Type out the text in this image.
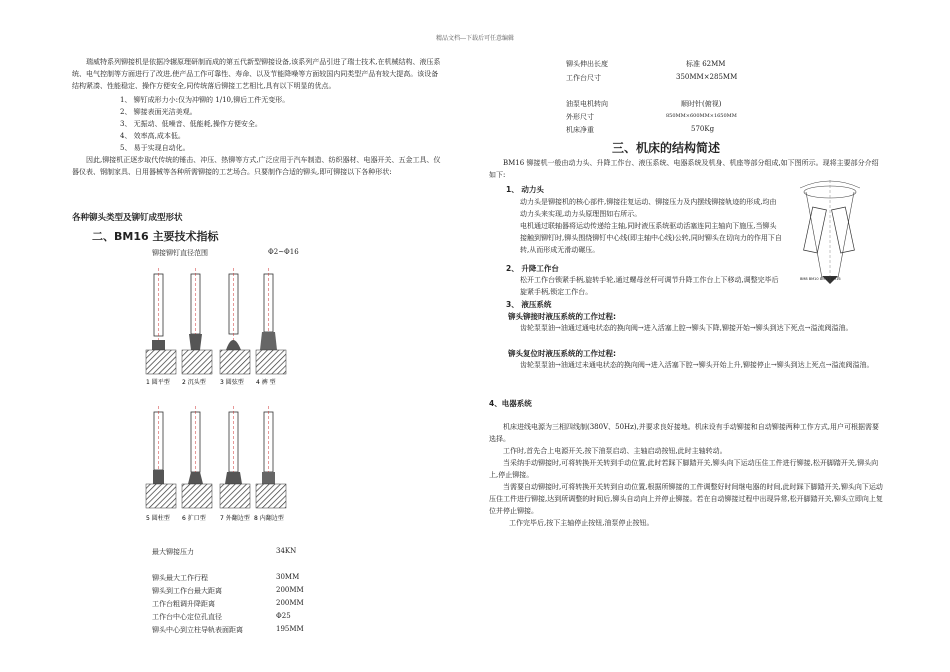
精品文档---下载后可任意编辑

瑞威特系列铆接机是依据冷辗原理研制而成的第五代新型铆接设备,该系列产品引进了瑞士技术,在机械结构、液压系统、电气控制等方面进行了改进,使产品工作可靠性、寿命、以及节能降噪等方面较国内同类型产品有较大提高。该设备结构紧凑、性能稳定、操作方便安全,同传统落后铆接工艺相比,具有以下明显的优点。

1、 铆钉成形力小:仅为冲铆的 1/10,铆后工件无变形。
2、 铆接表面光洁美观。
3、 无振动、低噪音、低能耗,操作方便安全。
4、 效率高,成本低。
5、 易于实现自动化。

因此,铆接机正逐步取代传统的锤击、冲压、热铆等方式,广泛应用于汽车制造、纺织器材、电器开关、五金工具、仪器仪表、钢制家具、日用器械等各种所需铆接的工艺场合。只要制作合适的铆头,即可铆接以下各种形状:

各种铆头类型及铆钉成型形状
二、BM16 主要技术指标
铆接铆钉直径范围	Φ2~Φ16
1 圆平型 2 沉头型 3 圆弦型 4 裤 型
5 圆柱型 6 扩口型 7 外翻边型 8 内翻边型
最大铆接压力	34KN
铆头最大工作行程	30MM
铆头到工作台最大距离	200MM
工作台粗调升降距离	200MM
工作台中心定位孔直径	Φ25
铆头中心到立柱导轨表面距离	195MM
铆头伸出长度	标准 62MM
工作台尺寸	350MM×285MM
油泵电机转向	顺时针(俯视)
外形尺寸	850MM×600MM×1650MM
机床净重	570Kg
三、机床的结构简述

BM16 铆接机一般由动力头、升降工作台、液压系统、电器系统及机身、机座等部分组成,如下图所示。现将主要部分介绍如下:

1、 动力头

动力头是铆接机的核心部件,铆接往复运动、铆接压力及内摆线铆接轨迹的形成,均由动力头来实现,动力头原理图如右所示。

电机通过联轴器将运动传递给主轴,同时液压系统驱动活塞连同主轴向下施压,当铆头接触到铆钉时,铆头围绕铆钉中心线(即主轴中心线)公转,同时铆头在切向力的作用下自转,从而形成无滑动碾压。

2、 升降工作台

松开工作台锁紧手柄,旋转手轮,通过螺母丝杆可调节升降工作台上下移动,调整完毕后旋紧手柄,锁定工作台。

BM8 BM10 BM12 BM16
3、 液压系统
铆头铆接时液压系统的工作过程:

齿轮泵泵油→油通过通电状态的换向阀→进入活塞上腔→铆头下降,铆接开始→铆头到达下死点→溢流阀溢油。

铆头复位时液压系统的工作过程:

齿轮泵泵油→油通过未通电状态的换向阀→进入活塞下腔→铆头开始上升,铆接停止→铆头到达上死点→溢流阀溢油。

4、电器系统

机床进线电源为三相四线制(380V、50Hz),并要求良好接地。机床设有手动铆接和自动铆接两种工作方式,用户可根据需要选择。

工作时,首先合上电源开关,按下油泵启动、主轴启动按钮,此时主轴转动。

当采纳手动铆接时,可将转换开关转到手动位置,此时若踩下脚踏开关,铆头向下运动压住工件进行铆接,松开脚踏开关,铆头向上,停止铆接。

当需要自动铆接时,可将转换开关转到自动位置,根据所铆接的工件调整好时间继电器的时间,此时踩下脚踏开关,铆头向下运动压住工件进行铆接,达到所调整的时间后,铆头自动向上并停止铆接。若在自动铆接过程中出现异常,松开脚踏开关,铆头立即向上复位并停止铆接。

工作完毕后,按下主轴停止按钮,油泵停止按钮。
